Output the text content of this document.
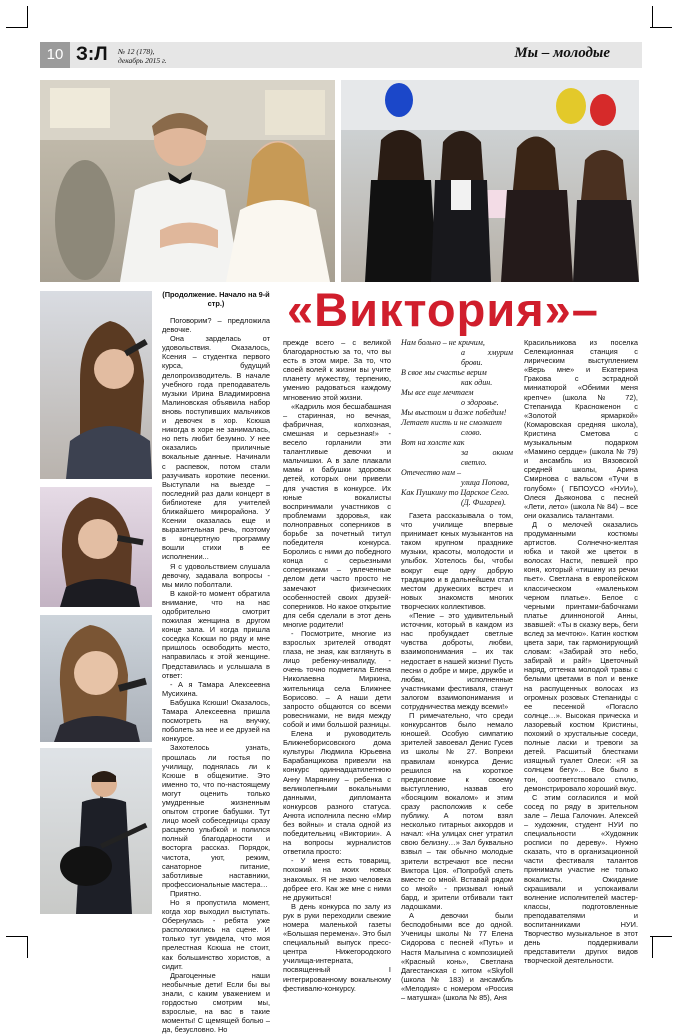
10 З:Л № 12 (178),
декабрь 2015 г.	Мы – молодые
«Виктория»–
(Продолжение. Начало на 9-й стр.)

Поговорим? – предложила девочке.

Она зарделась от удовольствия. Оказалось, Ксения – студентка первого курса, будущий делопроизводитель. В начале учебного года преподаватель музыки Ирина Владимировна Малиновская объявила набор вновь поступивших мальчиков и девочек в хор. Ксюша никогда в хоре не занималась, но петь любит безумно. У нее оказались приличные вокальные данные. Начинали с распевок, потом стали разучивать короткие песенки. Выступали на выезде – последний раз дали концерт в библиотеке для учителей ближайшего микрорайона. У Ксении оказалась еще и выразительная речь, поэтому в концертную программу вошли стихи в ее исполнении...

Я с удовольствием слушала девочку, задавала вопросы - мы мило поболтали.

В какой-то момент обратила внимание, что на нас одобрительно смотрит пожилая женщина в другом конце зала. И когда пришла соседка Ксюши по ряду и мне пришлось освободить место, направилась к этой женщине. Представилась и услышала в ответ:

- А я Тамара Алексеевна Мусихина.

Бабушка Ксюши! Оказалось, Тамара Алексеевна пришла посмотреть на внучку, поболеть за нее и ее друзей на конкурсе.

Захотелось узнать, прошлась ли гостья по училищу, поднялась ли к Ксюше в общежитие. Это именно то, что по-настоящему могут оценить только умудренные жизненным опытом строгие бабушки. Тут лицо моей собеседницы сразу расцвело улыбкой и полился полный благодарности и восторга рассказ. Порядок, чистота, уют, режим, санаторное питание, заботливые наставники, профессиональные мастера…

Приятно.

Но я пропустила момент, когда хор выходил выступать. Обернулась - ребята уже расположились на сцене. И только тут увидела, что моя прелестная Ксюша не стоит, как большинство хористов, а сидит.

Драгоценные наши необычные дети! Если бы вы знали, с каким уважением и гордостью смотрим мы, взрослые, на вас в такие моменты! С щемящей болью – да, безусловно. Но

прежде всего – с великой благодарностью за то, что вы есть в этом мире. За то, что своей волей к жизни вы учите планету мужеству, терпению, умению радоваться каждому мгновению этой жизни.

«Кадриль моя бесшабашная – старинная, но вечная, фабричная, колхозная, смешная и серьезная!» - весело горланили эти талантливые девочки и мальчишки. А в зале плакали мамы и бабушки здоровых детей, которых они привели для участия в конкурсе. Их юные вокалисты воспринимали участников с проблемами здоровья, как полноправных соперников в борьбе за почетный титул победителя конкурса. Боролись с ними до победного конца с серьезными соперниками – увлеченные делом дети часто просто не замечают физических особенностей своих друзей-соперников. Но какое открытие для себя сделали в этот день многие родители!

- Посмотрите, многие из взрослых зрителей отводят глаза, не зная, как взглянуть в лицо ребенку-инвалиду, - очень точно подметила Елена Николаевна Миркина, жительница села Ближнее Борисово. – А наши дети запросто общаются со всеми ровесниками, не видя между собой и ими большой разницы.

Елена и руководитель Ближнеборисовского дома культуры Людмила Юрьевна Барабанщикова привезли на конкурс одиннадцатилетнюю Анну Марянину – ребенка с великолепными вокальными данными, дипломанта конкурсов разного статуса. Анюта исполнила песню «Мир без войны» и стала одной из победительниц «Виктории». А на вопросы журналистов ответила просто:

- У меня есть товарищ, похожий на моих новых знакомых. Я не знаю человека добрее его. Как же мне с ними не дружиться!

В день конкурса по залу из рук в руки переходили свежие номера маленькой газеты «Большая перемена». Это был специальный выпуск пресс-центра Нижегородского училища-интерната, посвященный I интегрированному вокальному фестивалю-конкурсу.

Нам больно – не кричим,
а хмурим брови.
В свое мы счастье верим
как один.
Мы все еще мечтаем
о здоровье.
Мы выстоим и даже победим!
Летает кисть и не смолкает
слово.
Вот на холсте как
за окном светло.
Отечество нам –
улица Попова,
Как Пушкину то Царское Село.
(Д. Фигарев).

Газета рассказывала о том, что училище впервые принимает юных музыкантов на таком крупном празднике музыки, красоты, молодости и улыбок. Хотелось бы, чтобы вокруг еще одну добрую традицию и в дальнейшем стал местом дружеских встреч и новых знакомств многих творческих коллективов.

«Пение – это удивительный источник, который в каждом из нас пробуждает светлые чувства доброты, любви, взаимопонимания – их так недостает в нашей жизни! Пусть песни о добре и мире, дружбе и любви, исполненные участниками фестиваля, станут залогом взаимопонимания и сотрудничества между всеми!»

П римечательно, что среди конкурсантов было немало юношей. Особую симпатию зрителей завоевал Денис Гусев из школы № 27. Вопреки правилам конкурса Денис решился на короткое предисловие к своему выступлению, назвав его «босяцким вокалом» и этим сразу расположив к себе публику. А потом взял несколько гитарных аккордов и начал: «На улицах снег утратил свою белизну…» Зал буквально взвыл – так обычно молодые зрители встречают все песни Виктора Цоя. «Попробуй спеть вместе со мной. Вставай рядом со мной» - призывал юный бард, и зрители отбивали такт ладошками.

А девочки были бесподобными все до одной. Ученицы школы № 77 Елена Сидорова с песней «Путь» и Настя Малыгина с композицией «Красный конь», Светлана Дагестанская с хитом «Skyfoll (школа № 183) и ансамбль «Мелодия» с номером «Россия – матушка» (школа № 85), Аня

Красильникова из поселка Селекционная станция с лирическим выступлением «Верь мне» и Екатерина Гракова с эстрадной миниатюрой «Обними меня крепче» (школа № 72), Степанида Красноженон с «Золотой ярмаркой» (Комаровская средняя школа), Кристина Сметова с музыкальным подарком «Мамино сердце» (школа № 79) и ансамбль из Вязовской средней школы, Арина Смирнова с вальсом «Тучи в голубом» ( ГБПОУСО «НУИ»), Олеся Дьяконова с песней «Лети, лето» (школа № 84) – все они оказались талантами.

Д о мелочей оказались продуманными костюмы артистов. Солнечно-желтая юбка и такой же цветок в волосах Насти, певшей про коня, который «тишину из речки пьет». Светлана в европейском классическом «маленьком черном платье». Белое с черными принтами-бабочками платье длинноногой Анны, звавшей: «Ты в сказку верь, беги вслед за мечтою». Катин костюм цвета зари, так гармонирующий словам: «Забирай это небо, забирай и рай!» Цветочный наряд, оттенка молодой травы с белыми цветами в пол и венке на распущенных волосах из огромных розовых Степаниды с ее песенкой «Погасло солнце…». Высокая прическа и лазоревый костюм Кристины, похожий о хрустальные соседи, полные ласки и тревоги за детей. Расшитый блестками изящный туалет Олеси: «Я за солнцем бегу»… Все было в тон, соответствовало стилю, демонстрировало хороший вкус.

С этим согласился и мой сосед по ряду в зрительном зале – Леша Галочкин. Алексей – художник, студент НУИ по специальности «Художник росписи по дереву». Нужно сказать, что в организационной части фестиваля талантов принимали участие не только вокалисты. Ожидание скрашивали и успокаивали волнение исполнителей мастер-классы, подготовленные преподавателями и воспитанниками НУИ. Творчество музыкальное в этот день поддерживали представители других видов творческой деятельности.
